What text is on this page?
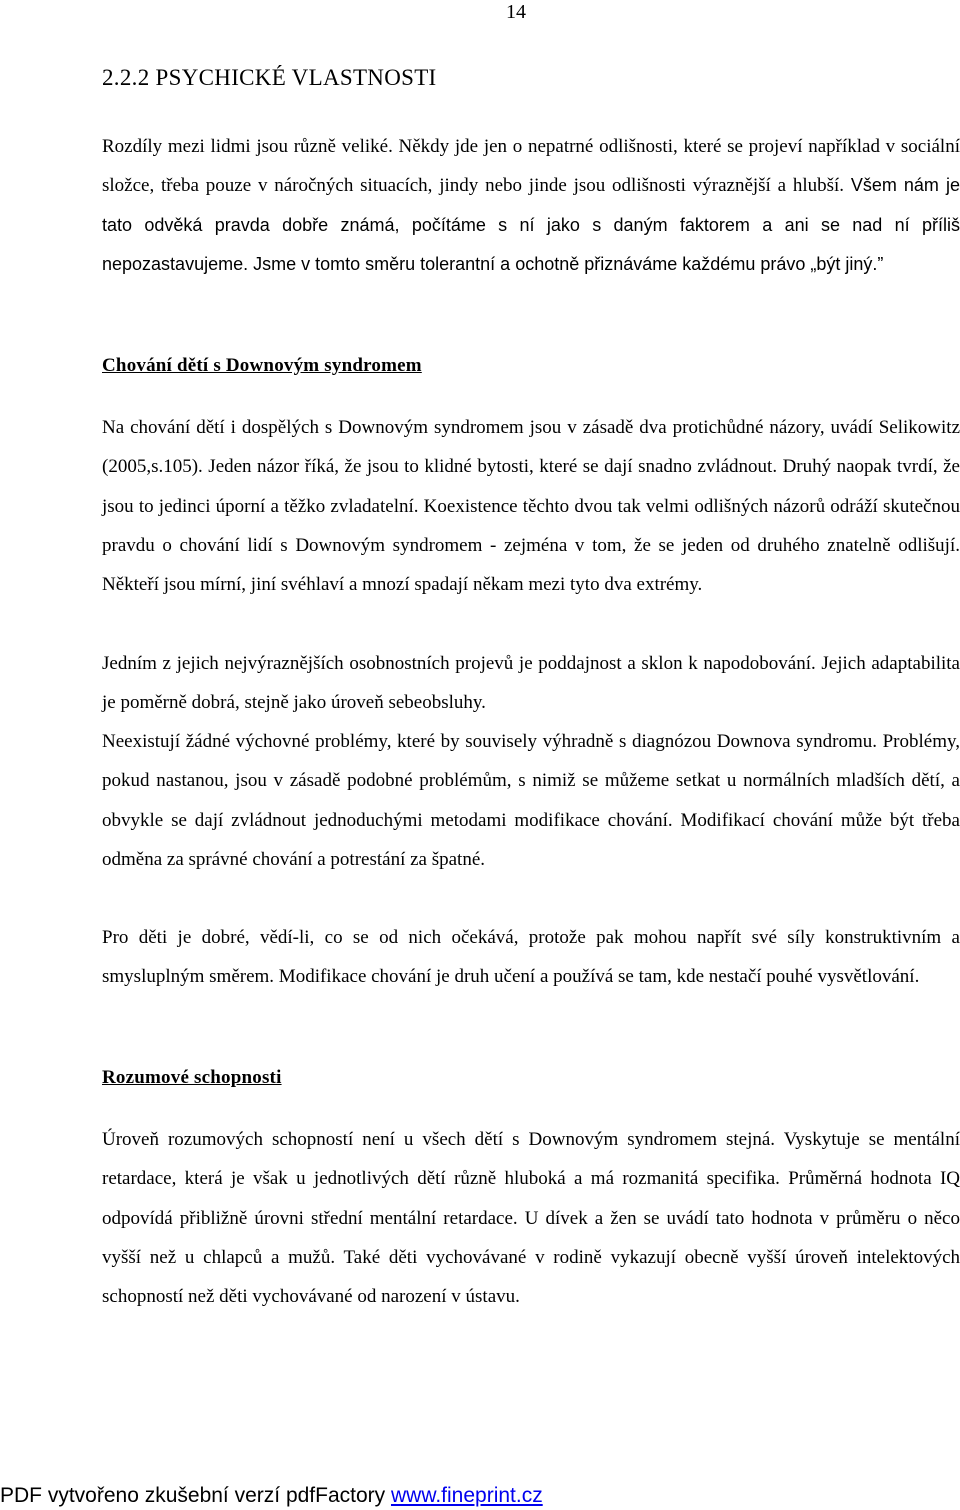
14

2.2.2 PSYCHICKÉ VLASTNOSTI

Rozdíly mezi lidmi jsou různě veliké. Někdy jde jen o nepatrné odlišnosti, které se projeví například v sociální složce, třeba pouze v náročných situacích, jindy nebo jinde jsou odlišnosti výraznější a hlubší. Všem nám je tato odvěká pravda dobře známá, počítáme s ní jako s daným faktorem a ani se nad ní příliš nepozastavujeme. Jsme v tomto směru tolerantní a ochotně přiznáváme každému právo „být jiný.”

Chování dětí s Downovým syndromem

Na chování dětí i dospělých s Downovým syndromem jsou v zásadě dva protichůdné názory, uvádí Selikowitz (2005,s.105). Jeden názor říká, že jsou to klidné bytosti, které se dají snadno zvládnout. Druhý naopak tvrdí, že jsou to jedinci úporní a těžko zvladatelní. Koexistence těchto dvou tak velmi odlišných názorů odráží skutečnou pravdu o chování lidí s Downovým syndromem - zejména v tom, že se jeden od druhého znatelně odlišují. Někteří jsou mírní, jiní svéhlaví a mnozí spadají někam mezi tyto dva extrémy.

Jedním z jejich nejvýraznějších osobnostních projevů je poddajnost a sklon k napodobování. Jejich adaptabilita je poměrně dobrá, stejně jako úroveň sebeobsluhy.

Neexistují žádné výchovné problémy, které by souvisely výhradně s diagnózou Downova syndromu. Problémy, pokud nastanou, jsou v zásadě podobné problémům, s nimiž se můžeme setkat u normálních mladších dětí, a obvykle se dají zvládnout jednoduchými metodami modifikace chování. Modifikací chování může být třeba odměna za správné chování a potrestání za špatné.

Pro děti je dobré, vědí-li, co se od nich očekává, protože pak mohou napřít své síly konstruktivním a smysluplným směrem. Modifikace chování je druh učení a používá se tam, kde nestačí pouhé vysvětlování.

Rozumové schopnosti

Úroveň rozumových schopností není u všech dětí s Downovým syndromem stejná. Vyskytuje se mentální retardace, která je však u jednotlivých dětí různě hluboká a má rozmanitá specifika. Průměrná hodnota IQ odpovídá přibližně úrovni střední mentální retardace. U dívek a žen se uvádí tato hodnota v průměru o něco vyšší než u chlapců a mužů. Také děti vychovávané v rodině vykazují obecně vyšší úroveň intelektových schopností než děti vychovávané od narození v ústavu.

PDF vytvořeno zkušební verzí pdfFactory www.fineprint.cz
